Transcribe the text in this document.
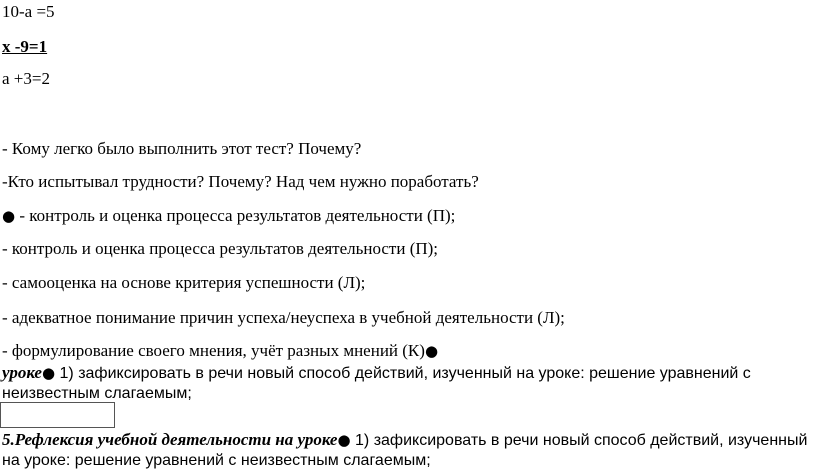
10-а =5
х -9=1
а +3=2
- Кому легко было выполнить этот тест? Почему?
-Кто испытывал трудности? Почему? Над чем нужно поработать?
● - контроль и оценка процесса результатов деятельности (П);
- контроль и оценка процесса результатов деятельности (П);
- самооценка на основе критерия успешности (Л);
- адекватное понимание причин успеха/неуспеха в учебной деятельности (Л);
- формулирование своего мнения, учёт разных мнений (К)●
уроке● 1) зафиксировать в речи новый способ действий, изученный на уроке: решение уравнений с неизвестным слагаемым;
5.Рефлексия учебной деятельности на уроке● 1) зафиксировать в речи новый способ действий, изученный на уроке: решение уравнений с неизвестным слагаемым;
